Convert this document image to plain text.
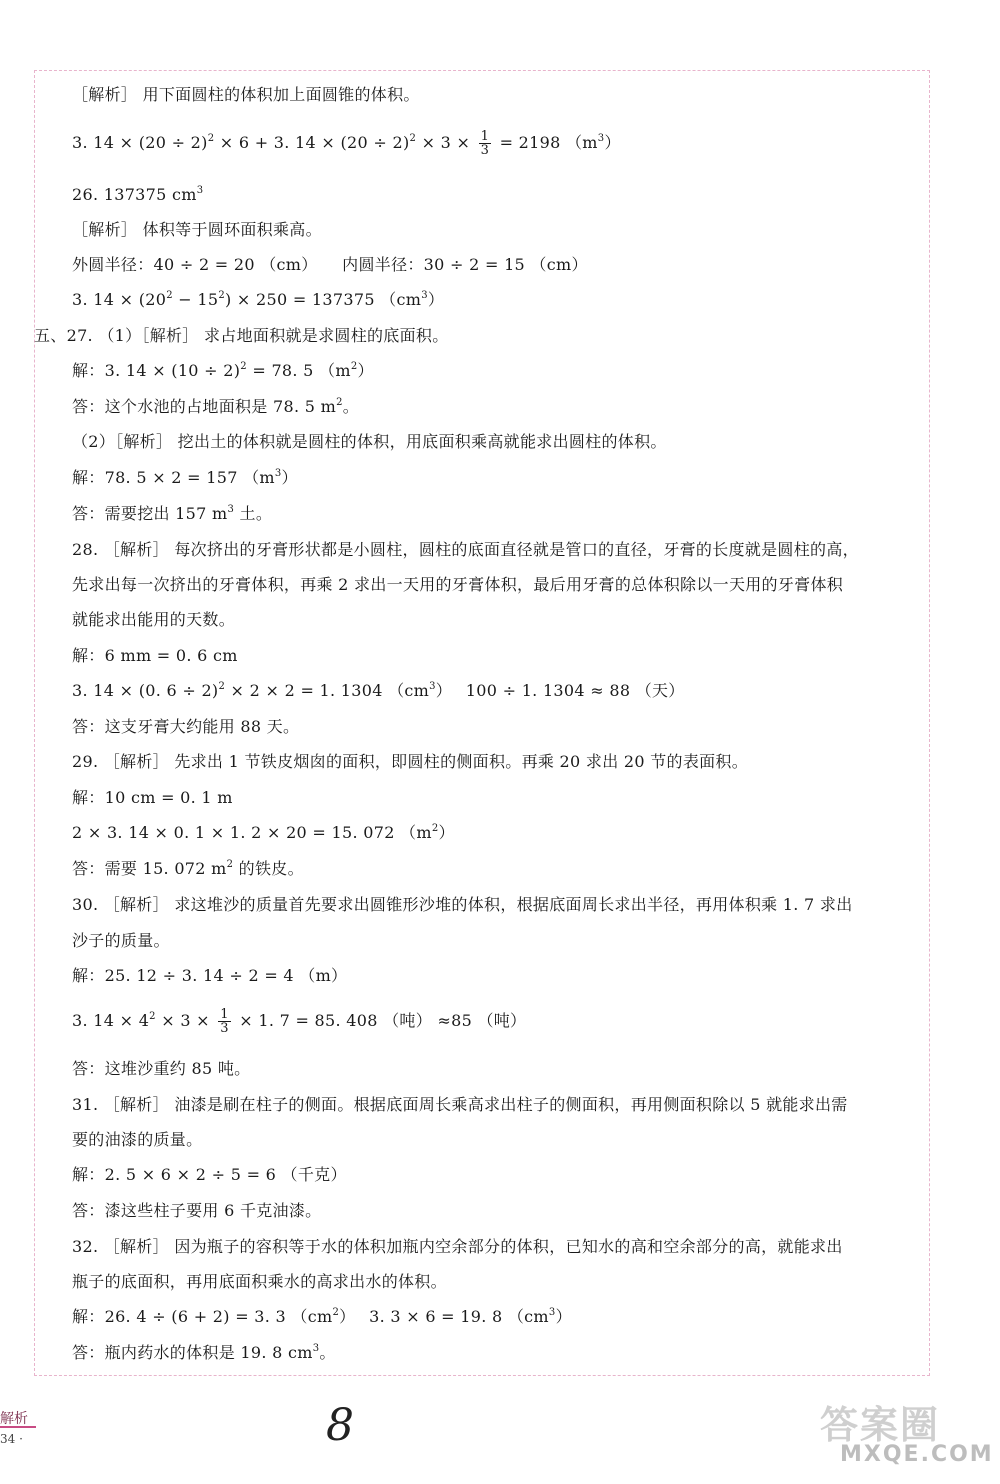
［解析］ 用下面圆柱的体积加上面圆锥的体积。
3. $14 \times (20 \div 2)^2 \times 6 + 3$. $14 \times (20 \div 2)^2 \times 3 \times \frac{1}{3} = 2198$ $(m^3)$
26. 137375 $cm^3$
［解析］ 体积等于圆环面积乘高。
外圆半径：40 ÷ 2 = 20 （cm）　　内圆半径：30 ÷ 2 = 15 （cm）
3. $14 \times (20^2 - 15^2) \times 250 = 137375$ $(cm^3)$
五、27. （1）［解析］ 求占地面积就是求圆柱的底面积。
解：3. $14 \times (10 \div 2)^2 = 78$. 5 $(m^2)$
答：这个水池的占地面积是 78. 5 $m^2$。
（2）［解析］ 挖出土的体积就是圆柱的体积，用底面积乘高就能求出圆柱的体积。
解：78. 5 × 2 = 157 $(m^3)$
答：需要挖出 157 $m^3$ 土。
28. ［解析］ 每次挤出的牙膏形状都是小圆柱，圆柱的底面直径就是管口的直径，牙膏的长度就是圆柱的高，
先求出每一次挤出的牙膏体积，再乘 2 求出一天用的牙膏体积，最后用牙膏的总体积除以一天用的牙膏体积
就能求出能用的天数。
解：6 mm = 0. 6 cm
3. 14 × (0. 6 ÷ 2)$^2$ × 2 × 2 = 1. 1304 $(cm^3)$　 100 ÷ 1. 1304 ≈ 88 （天）
答：这支牙膏大约能用 88 天。
29. ［解析］ 先求出 1 节铁皮烟囱的面积，即圆柱的侧面积。再乘 20 求出 20 节的表面积。
解：10 cm = 0. 1 m
2 × 3. 14 × 0. 1 × 1. 2 × 20 = 15. 072 $(m^2)$
答：需要 15. 072 $m^2$ 的铁皮。
30. ［解析］ 求这堆沙的质量首先要求出圆锥形沙堆的体积，根据底面周长求出半径，再用体积乘 1. 7 求出
沙子的质量。
解：25. 12 ÷ 3. 14 ÷ 2 = 4 （m）
3. $14 \times 4^2 \times 3 \times \frac{1}{3} \times 1$. 7 = 85. 408 （吨） ≈85 （吨）
答：这堆沙重约 85 吨。
31. ［解析］ 油漆是刷在柱子的侧面。根据底面周长乘高求出柱子的侧面积，再用侧面积除以 5 就能求出需
要的油漆的质量。
解：2. 5 × 6 × 2 ÷ 5 = 6 （千克）
答：漆这些柱子要用 6 千克油漆。
32. ［解析］ 因为瓶子的容积等于水的体积加瓶内空余部分的体积，已知水的高和空余部分的高，就能求出
瓶子的底面积，再用底面积乘水的高求出水的体积。
解：26. 4 ÷ (6 + 2) = 3. 3 $(cm^2)$　 3. 3 × 6 = 19. 8 $(cm^3)$
答：瓶内药水的体积是 19. 8 $cm^3$。
解析
34 ·	8	答案圈
MXQE.COM
